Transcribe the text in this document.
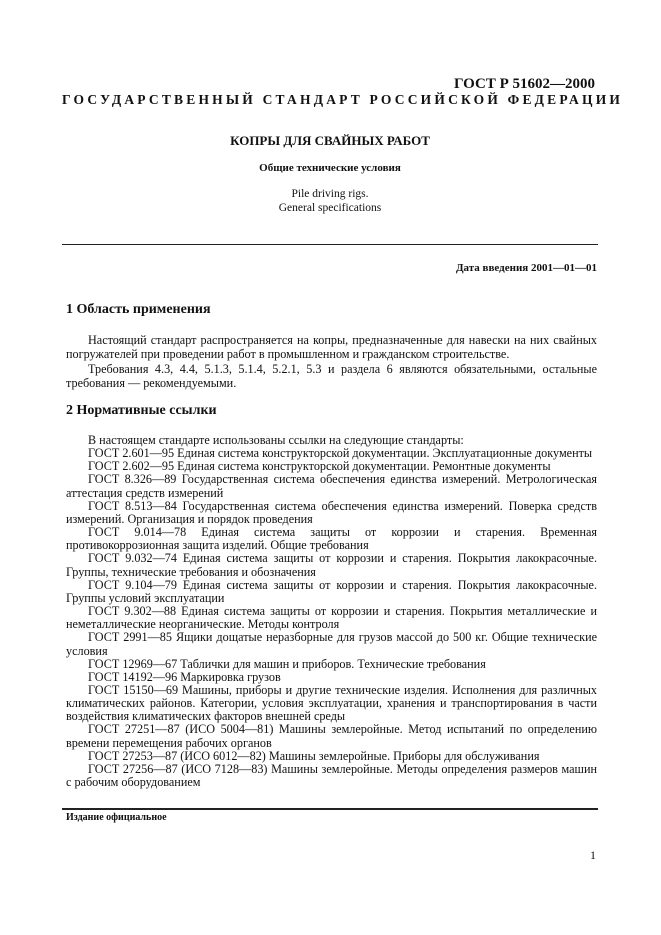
ГОСТ Р 51602—2000
ГОСУДАРСТВЕННЫЙ СТАНДАРТ РОССИЙСКОЙ ФЕДЕРАЦИИ
КОПРЫ ДЛЯ СВАЙНЫХ РАБОТ
Общие технические условия
Pile driving rigs.
General specifications
Дата введения 2001—01—01
1 Область применения

Настоящий стандарт распространяется на копры, предназначенные для навески на них свайных погружателей при проведении работ в промышленном и гражданском строительстве.

Требования 4.3, 4.4, 5.1.3, 5.1.4, 5.2.1, 5.3 и раздела 6 являются обязательными, остальные требования — рекомендуемыми.

2 Нормативные ссылки

В настоящем стандарте использованы ссылки на следующие стандарты:

ГОСТ 2.601—95 Единая система конструкторской документации. Эксплуатационные документы

ГОСТ 2.602—95 Единая система конструкторской документации. Ремонтные документы

ГОСТ 8.326—89 Государственная система обеспечения единства измерений. Метрологическая аттестация средств измерений

ГОСТ 8.513—84 Государственная система обеспечения единства измерений. Поверка средств измерений. Организация и порядок проведения

ГОСТ 9.014—78 Единая система защиты от коррозии и старения. Временная противокоррозионная защита изделий. Общие требования

ГОСТ 9.032—74 Единая система защиты от коррозии и старения. Покрытия лакокрасочные. Группы, технические требования и обозначения

ГОСТ 9.104—79 Единая система защиты от коррозии и старения. Покрытия лакокрасочные. Группы условий эксплуатации

ГОСТ 9.302—88 Единая система защиты от коррозии и старения. Покрытия металлические и неметаллические неорганические. Методы контроля

ГОСТ 2991—85 Ящики дощатые неразборные для грузов массой до 500 кг. Общие технические условия

ГОСТ 12969—67 Таблички для машин и приборов. Технические требования

ГОСТ 14192—96 Маркировка грузов

ГОСТ 15150—69 Машины, приборы и другие технические изделия. Исполнения для различных климатических районов. Категории, условия эксплуатации, хранения и транспортирования в части воздействия климатических факторов внешней среды

ГОСТ 27251—87 (ИСО 5004—81) Машины землеройные. Метод испытаний по определению времени перемещения рабочих органов

ГОСТ 27253—87 (ИСО 6012—82) Машины землеройные. Приборы для обслуживания

ГОСТ 27256—87 (ИСО 7128—83) Машины землеройные. Методы определения размеров машин с рабочим оборудованием

Издание официальное
1
